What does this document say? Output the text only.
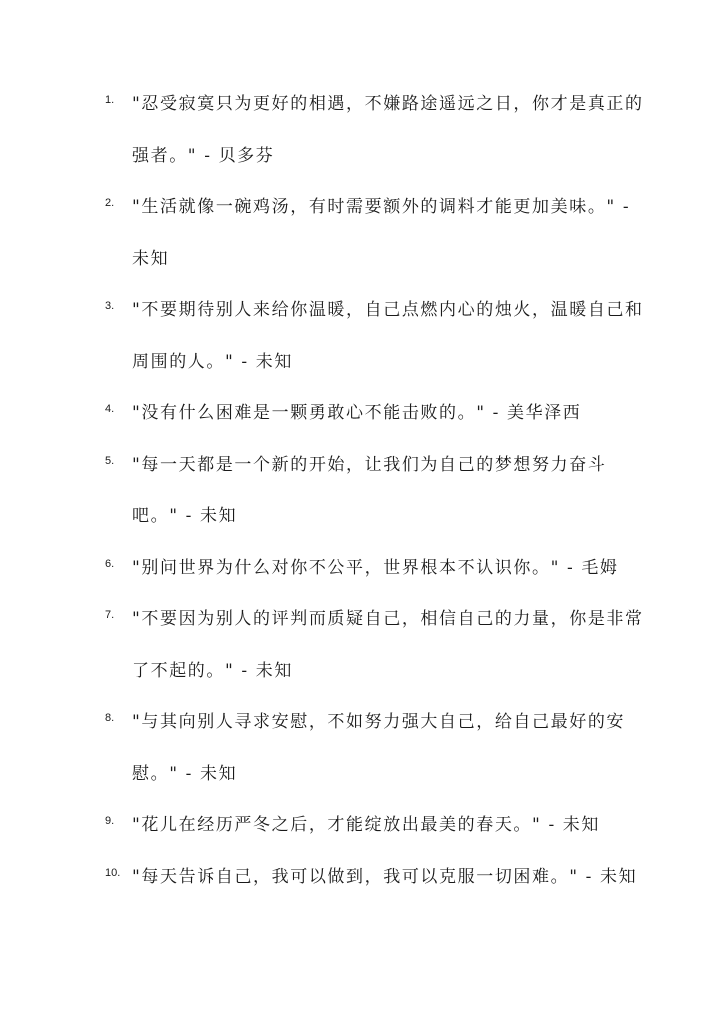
1. "忍受寂寞只为更好的相遇，不嫌路途遥远之日，你才是真正的强者。" - 贝多芬
2. "生活就像一碗鸡汤，有时需要额外的调料才能更加美味。" - 未知
3. "不要期待别人来给你温暖，自己点燃内心的烛火，温暖自己和周围的人。" - 未知
4. "没有什么困难是一颗勇敢心不能击败的。" - 美华泽西
5. "每一天都是一个新的开始，让我们为自己的梦想努力奋斗吧。" - 未知
6. "别问世界为什么对你不公平，世界根本不认识你。" - 毛姆
7. "不要因为别人的评判而质疑自己，相信自己的力量，你是非常了不起的。" - 未知
8. "与其向别人寻求安慰，不如努力强大自己，给自己最好的安慰。" - 未知
9. "花儿在经历严冬之后，才能绽放出最美的春天。" - 未知
10. "每天告诉自己，我可以做到，我可以克服一切困难。" - 未知
